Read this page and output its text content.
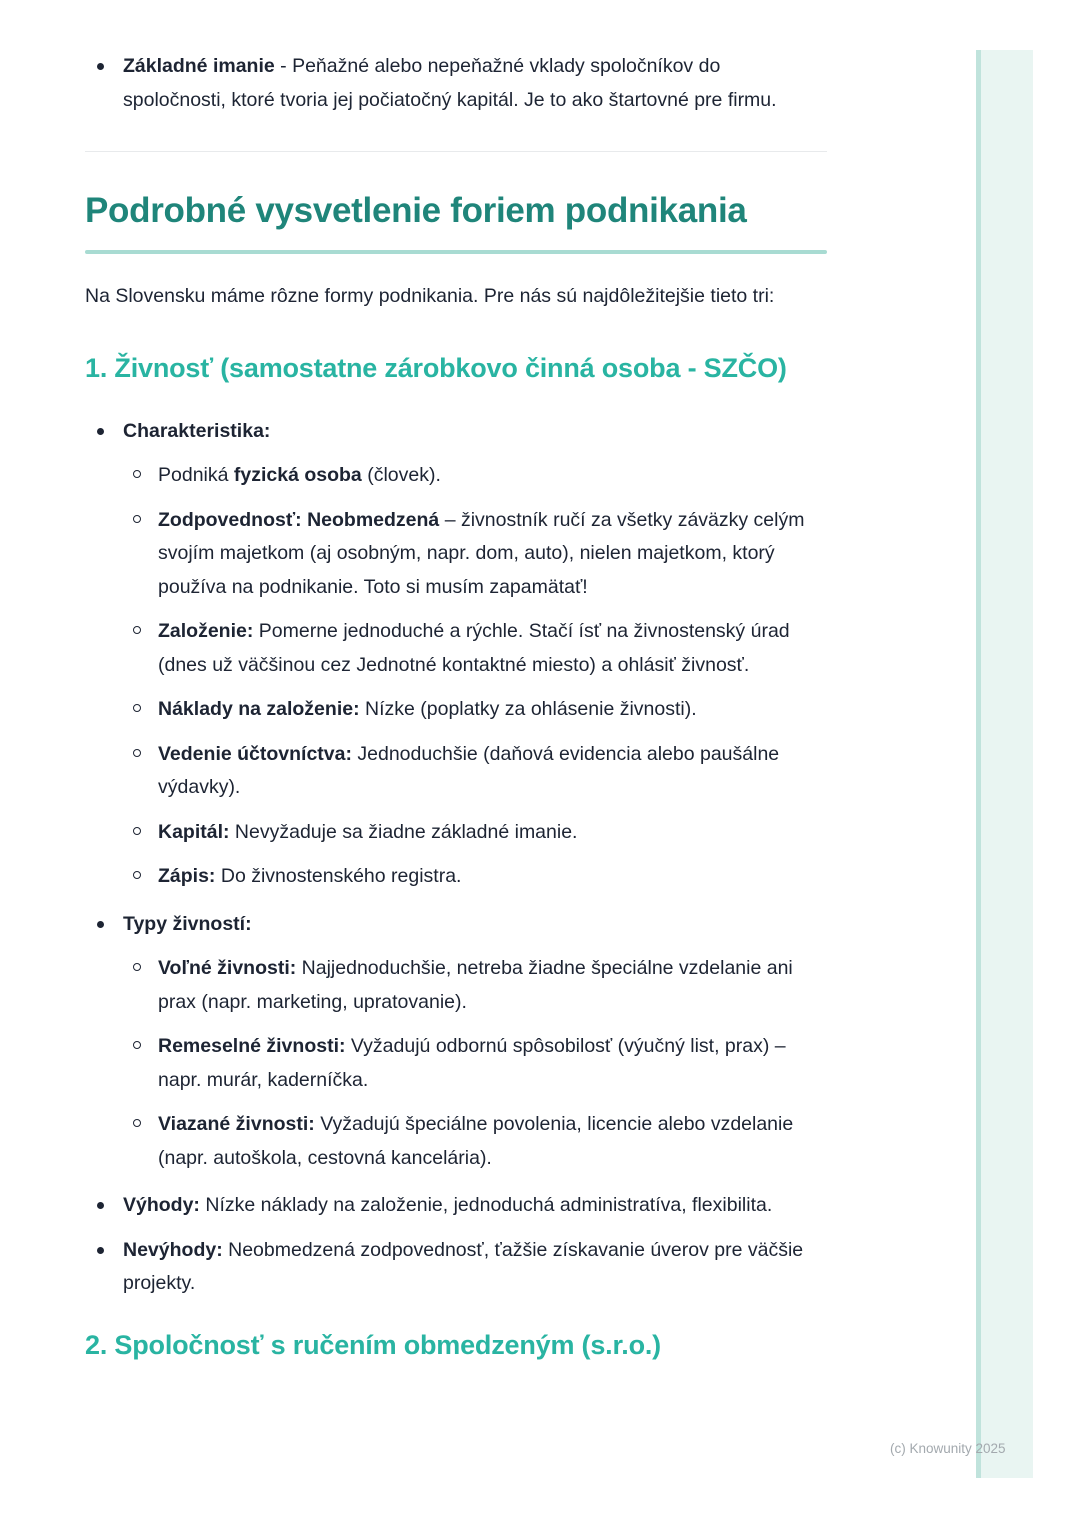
Základné imanie - Peňažné alebo nepeňažné vklady spoločníkov do spoločnosti, ktoré tvoria jej počiatočný kapitál. Je to ako štartovné pre firmu.
Podrobné vysvetlenie foriem podnikania

Na Slovensku máme rôzne formy podnikania. Pre nás sú najdôležitejšie tieto tri:

1. Živnosť (samostatne zárobkovo činná osoba - SZČO)
Charakteristika:
Podniká fyzická osoba (človek).
Zodpovednosť: Neobmedzená – živnostník ručí za všetky záväzky celým svojím majetkom (aj osobným, napr. dom, auto), nielen majetkom, ktorý používa na podnikanie. Toto si musím zapamätať!
Založenie: Pomerne jednoduché a rýchle. Stačí ísť na živnostenský úrad (dnes už väčšinou cez Jednotné kontaktné miesto) a ohlásiť živnosť.
Náklady na založenie: Nízke (poplatky za ohlásenie živnosti).
Vedenie účtovníctva: Jednoduchšie (daňová evidencia alebo paušálne výdavky).
Kapitál: Nevyžaduje sa žiadne základné imanie.
Zápis: Do živnostenského registra.
Typy živností:
Voľné živnosti: Najjednoduchšie, netreba žiadne špeciálne vzdelanie ani prax (napr. marketing, upratovanie).
Remeselné živnosti: Vyžadujú odbornú spôsobilosť (výučný list, prax) – napr. murár, kaderníčka.
Viazané živnosti: Vyžadujú špeciálne povolenia, licencie alebo vzdelanie (napr. autoškola, cestovná kancelária).
Výhody: Nízke náklady na založenie, jednoduchá administratíva, flexibilita.
Nevýhody: Neobmedzená zodpovednosť, ťažšie získavanie úverov pre väčšie projekty.
2. Spoločnosť s ručením obmedzeným (s.r.o.)
(c) Knowunity 2025
